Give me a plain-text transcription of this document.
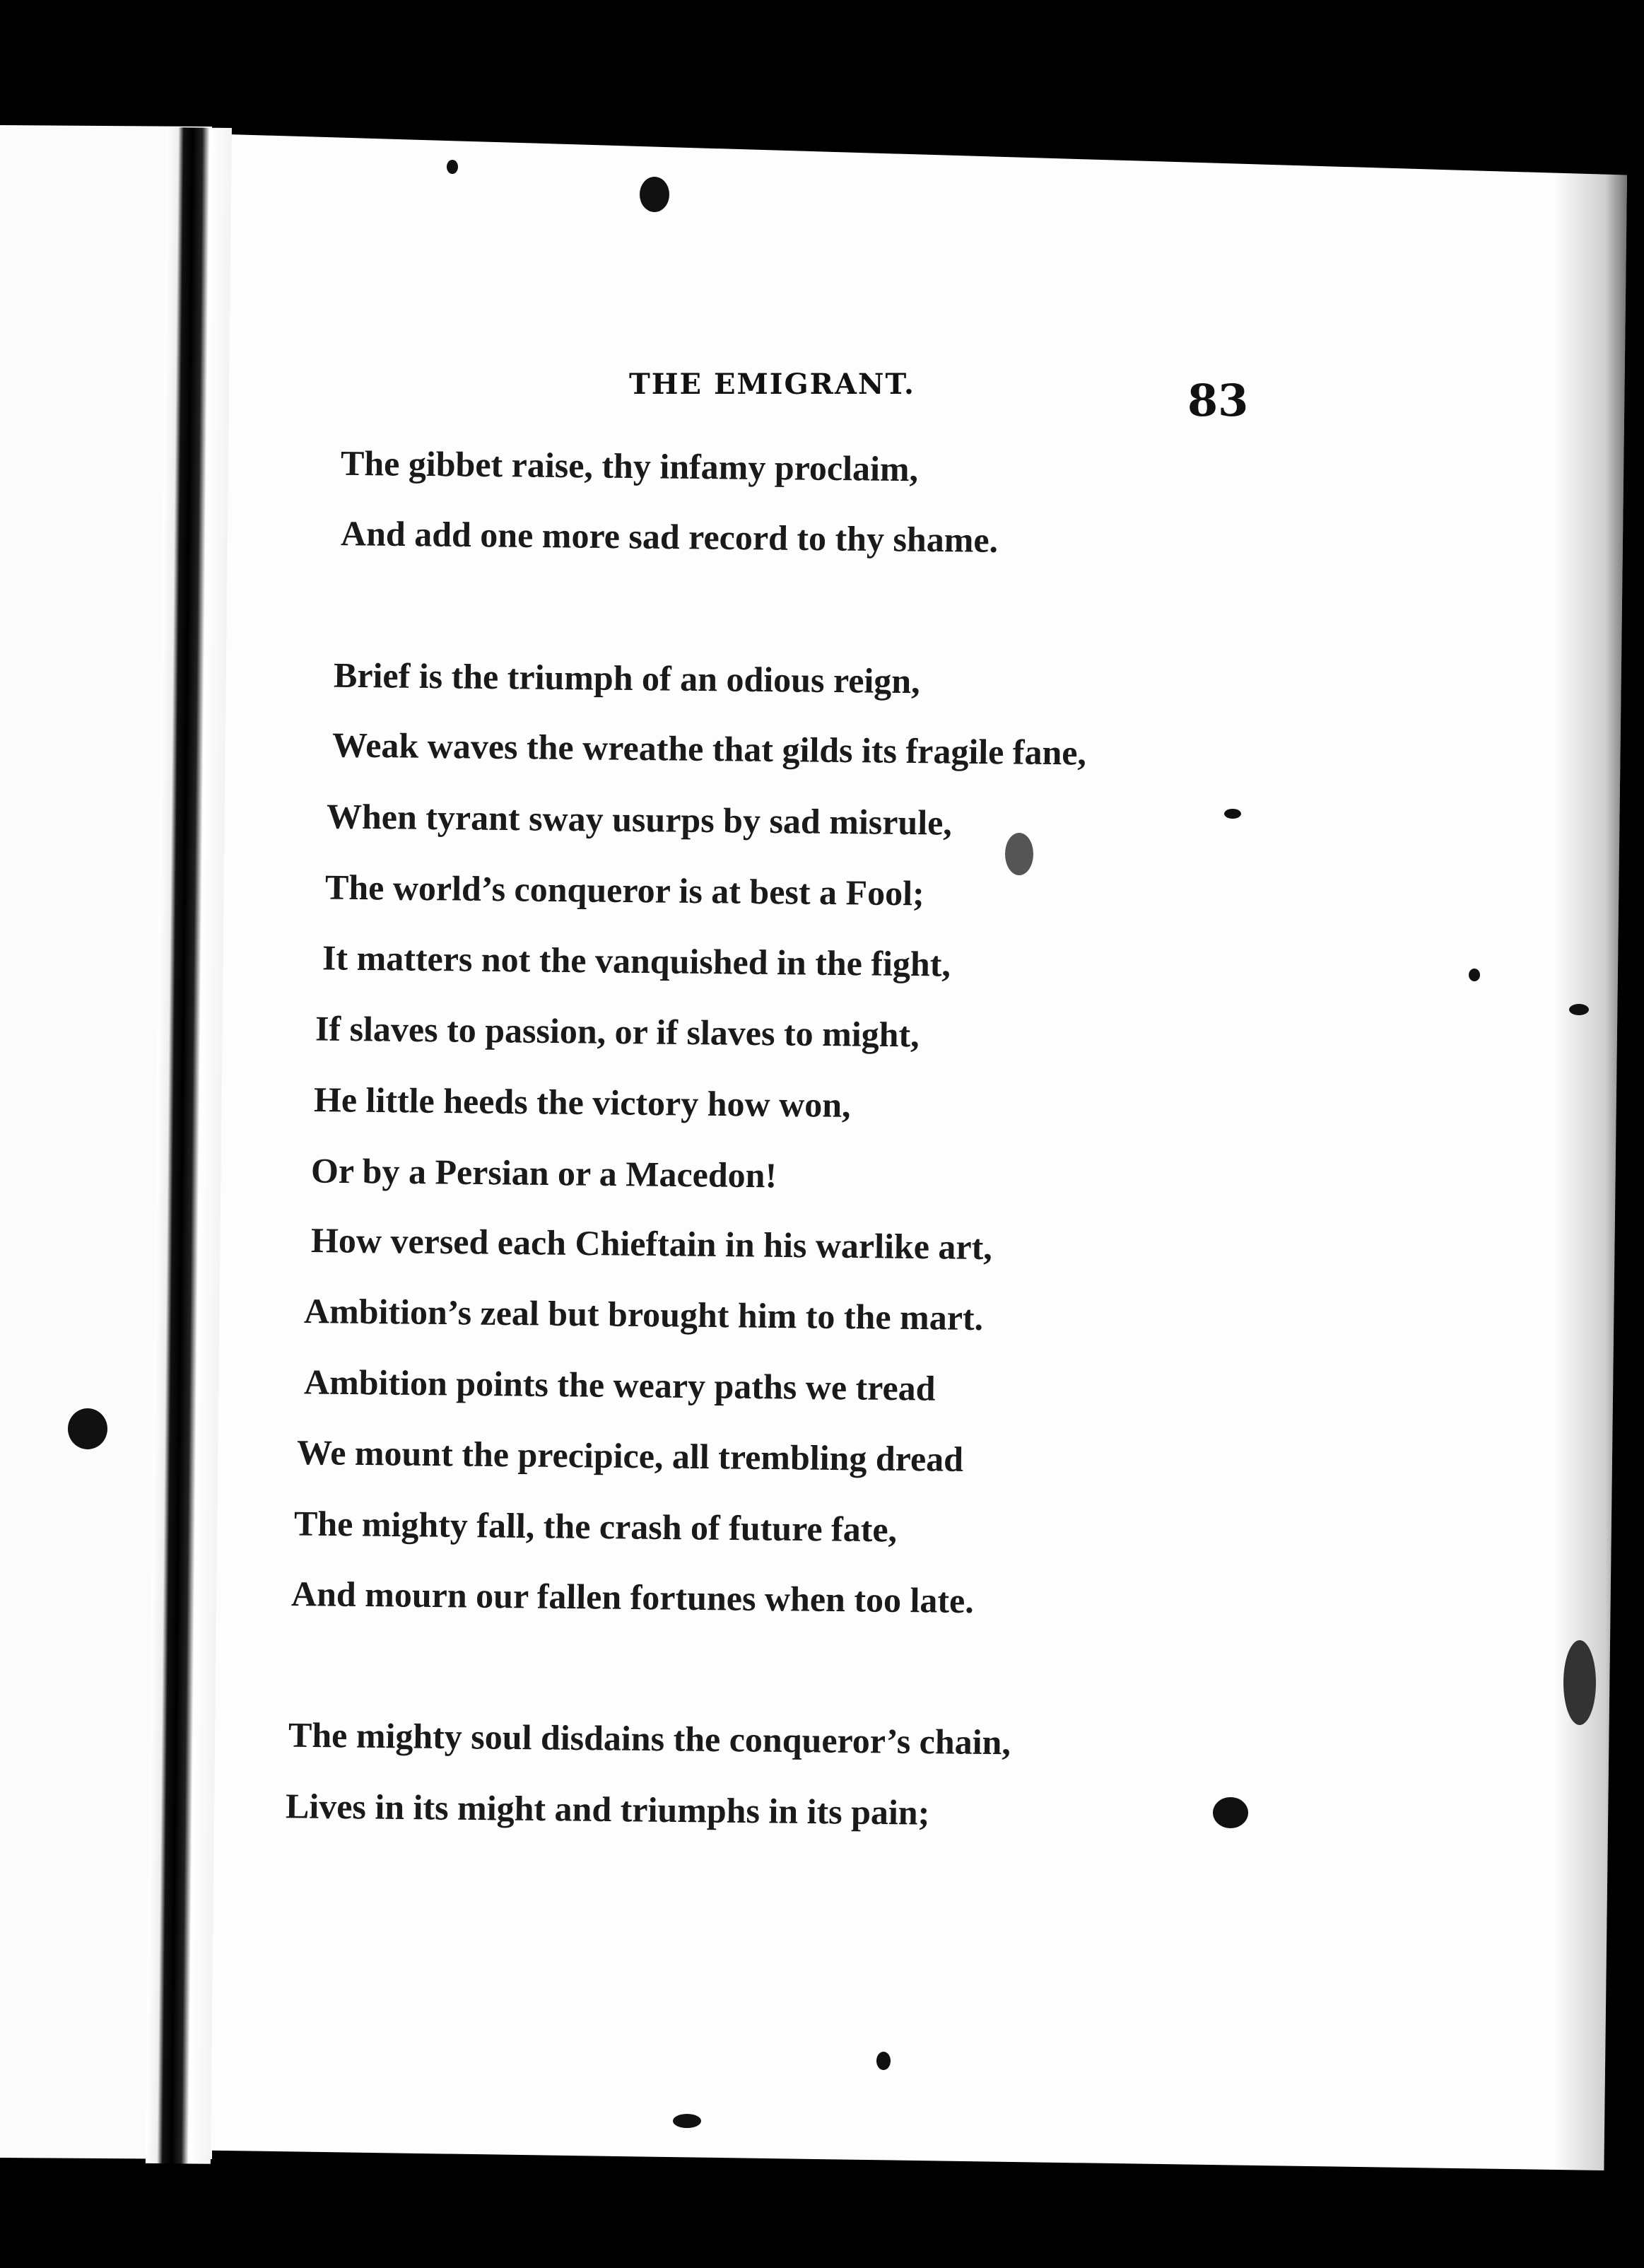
THE EMIGRANT.	83
The gibbet raise, thy infamy proclaim,
And add one more sad record to thy shame.
Brief is the triumph of an odious reign,
Weak waves the wreathe that gilds its fragile fane,
When tyrant sway usurps by sad misrule,
The world’s conqueror is at best a Fool;
It matters not the vanquished in the fight,
If slaves to passion, or if slaves to might,
He little heeds the victory how won,
Or by a Persian or a Macedon!
How versed each Chieftain in his warlike art,
Ambition’s zeal but brought him to the mart.
Ambition points the weary paths we tread
We mount the precipice, all trembling dread
The mighty fall, the crash of future fate,
And mourn our fallen fortunes when too late.
The mighty soul disdains the conqueror’s chain,
Lives in its might and triumphs in its pain;
